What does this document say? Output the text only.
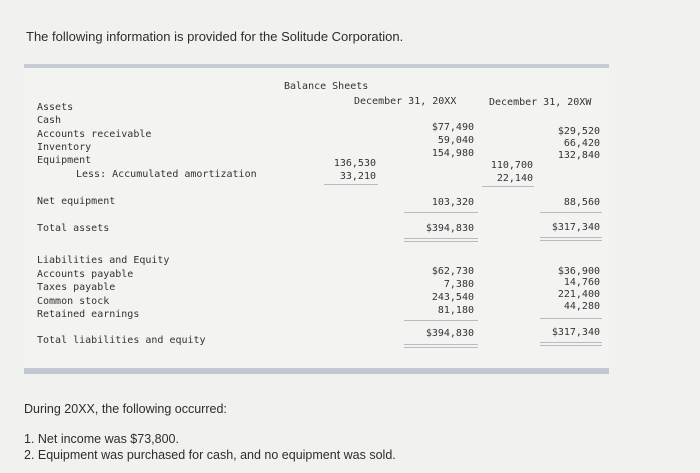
The following information is provided for the Solitude Corporation.
Balance Sheets
December 31, 20XX	December 31, 20XW
Assets
Cash
Accounts receivable
Inventory
Equipment
Less: Accumulated amortization
Net equipment
Total assets
Liabilities and Equity
Accounts payable
Taxes payable
Common stock
Retained earnings
Total liabilities and equity
136,530
33,210
$77,490
59,040
154,980
103,320
$394,830
$62,730
7,380
243,540
81,180
$394,830
110,700
22,140
$29,520
66,420
132,840
88,560
$317,340
$36,900
14,760
221,400
44,280
$317,340
During 20XX, the following occurred:
1. Net income was $73,800.
2. Equipment was purchased for cash, and no equipment was sold.
